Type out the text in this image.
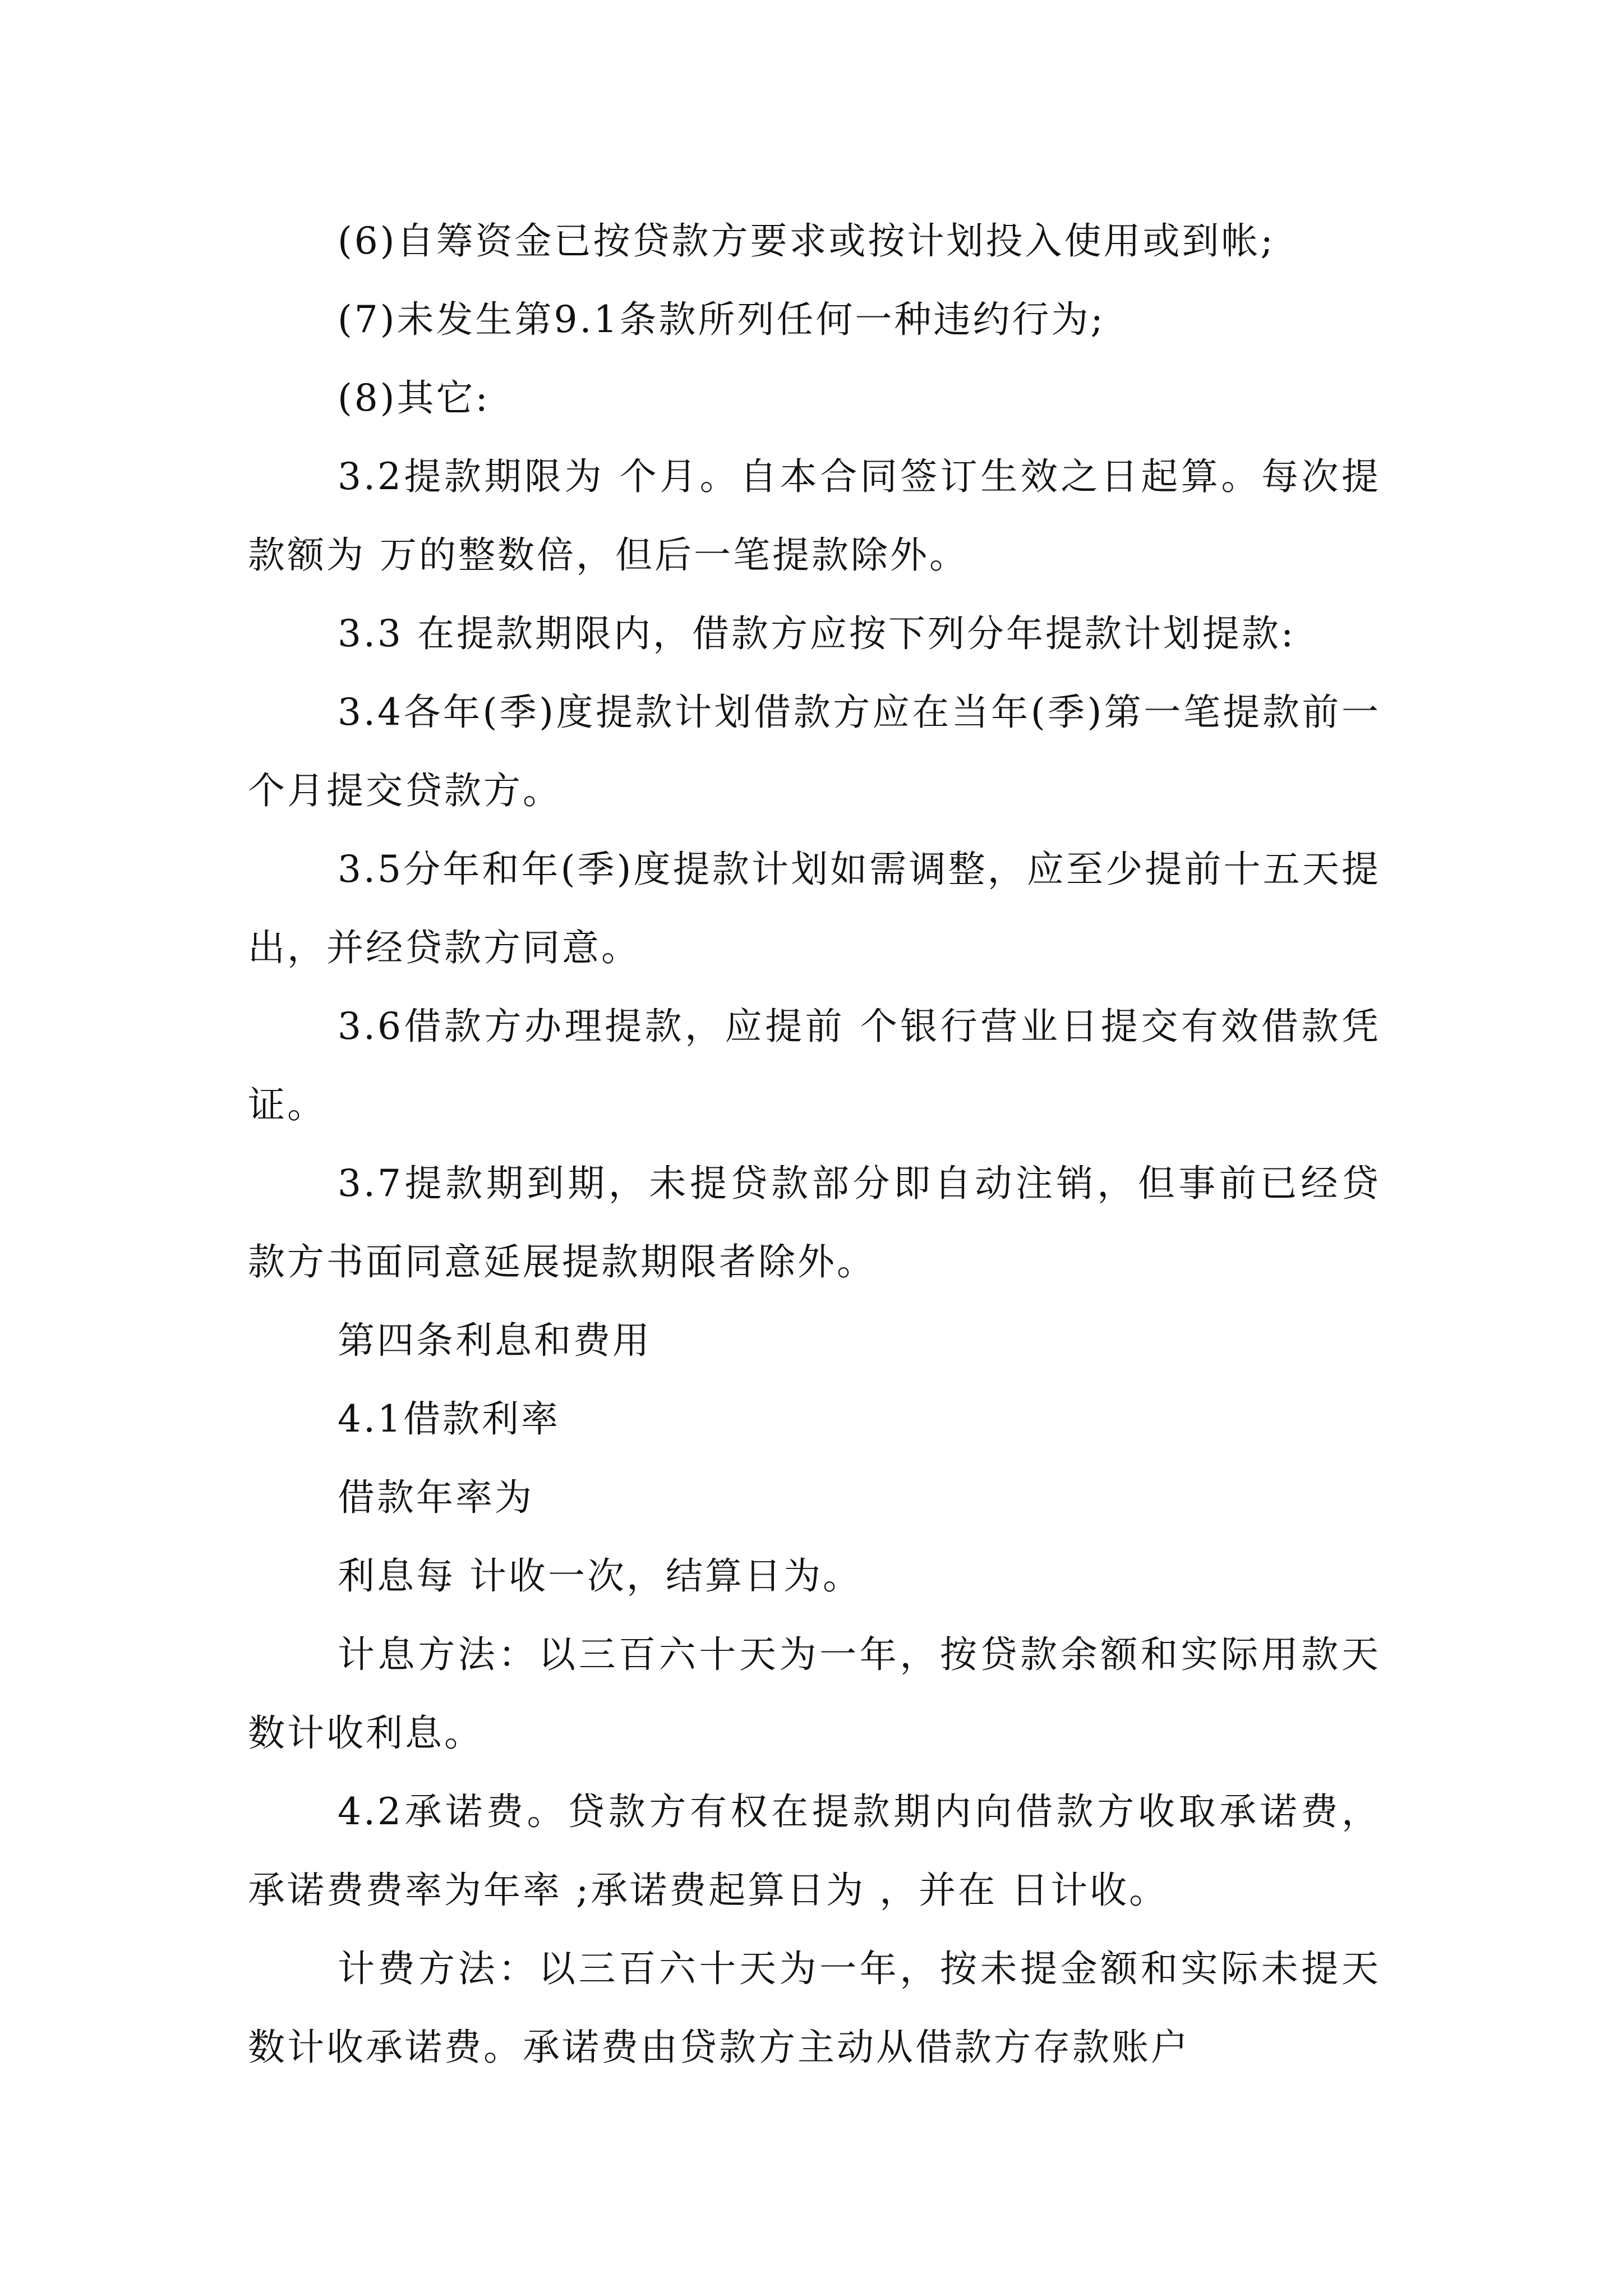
(6)自筹资金已按贷款方要求或按计划投入使用或到帐;

(7)未发生第9.1条款所列任何一种违约行为;

(8)其它:

3.2提款期限为 个月。自本合同签订生效之日起算。每次提款额为 万的整数倍，但后一笔提款除外。

3.3 在提款期限内，借款方应按下列分年提款计划提款:

3.4各年(季)度提款计划借款方应在当年(季)第一笔提款前一个月提交贷款方。

3.5分年和年(季)度提款计划如需调整，应至少提前十五天提出，并经贷款方同意。

3.6借款方办理提款，应提前 个银行营业日提交有效借款凭证。

3.7提款期到期，未提贷款部分即自动注销，但事前已经贷款方书面同意延展提款期限者除外。

第四条利息和费用

4.1借款利率

借款年率为

利息每 计收一次，结算日为。

计息方法：以三百六十天为一年，按贷款余额和实际用款天数计收利息。

4.2承诺费。贷款方有权在提款期内向借款方收取承诺费，承诺费费率为年率 ;承诺费起算日为 ，并在 日计收。

计费方法：以三百六十天为一年，按未提金额和实际未提天数计收承诺费。承诺费由贷款方主动从借款方存款账户
